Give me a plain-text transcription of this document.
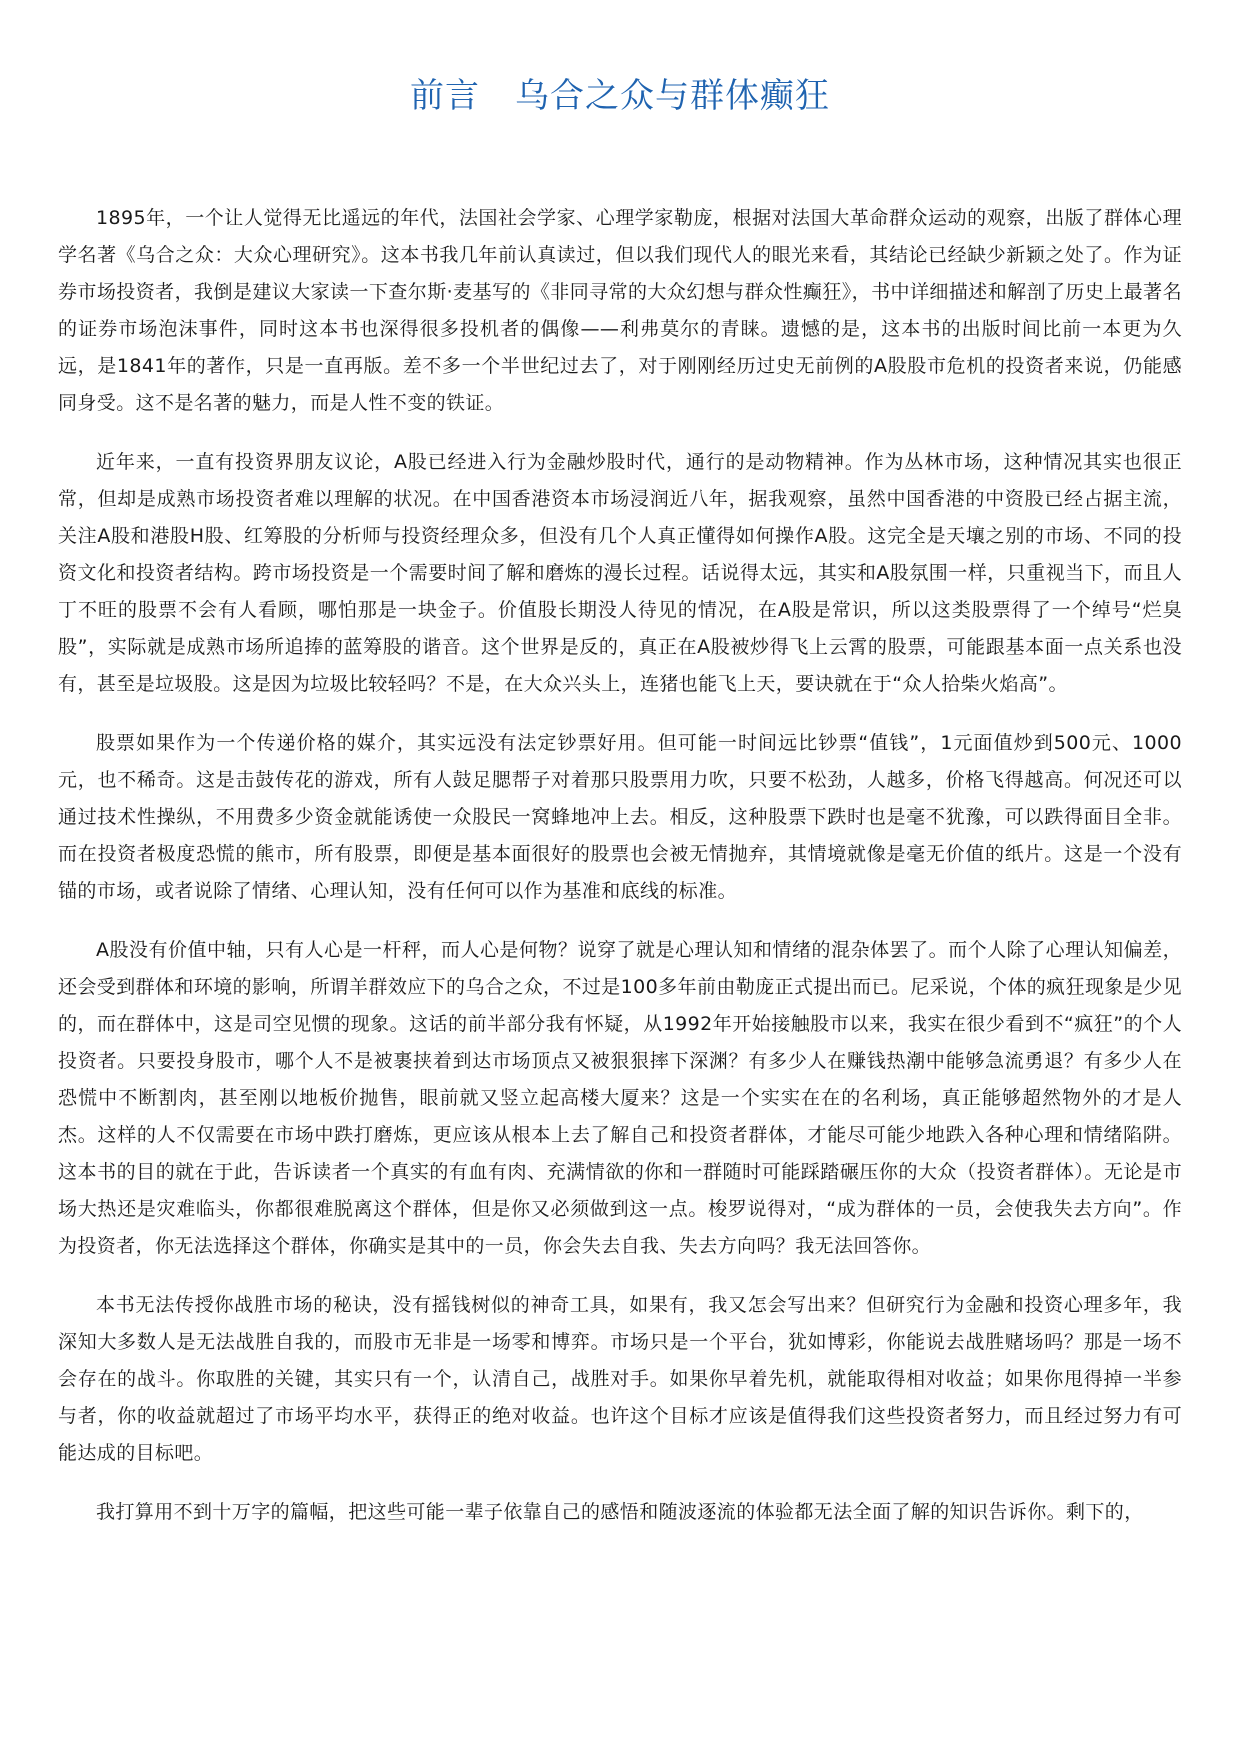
前言　乌合之众与群体癫狂

1895年，一个让人觉得无比遥远的年代，法国社会学家、心理学家勒庞，根据对法国大革命群众运动的观察，出版了群体心理学名著《乌合之众：大众心理研究》。这本书我几年前认真读过，但以我们现代人的眼光来看，其结论已经缺少新颖之处了。作为证券市场投资者，我倒是建议大家读一下查尔斯·麦基写的《非同寻常的大众幻想与群众性癫狂》，书中详细描述和解剖了历史上最著名的证券市场泡沫事件，同时这本书也深得很多投机者的偶像——利弗莫尔的青睐。遗憾的是，这本书的出版时间比前一本更为久远，是1841年的著作，只是一直再版。差不多一个半世纪过去了，对于刚刚经历过史无前例的A股股市危机的投资者来说，仍能感同身受。这不是名著的魅力，而是人性不变的铁证。

近年来，一直有投资界朋友议论，A股已经进入行为金融炒股时代，通行的是动物精神。作为丛林市场，这种情况其实也很正常，但却是成熟市场投资者难以理解的状况。在中国香港资本市场浸润近八年，据我观察，虽然中国香港的中资股已经占据主流，关注A股和港股H股、红筹股的分析师与投资经理众多，但没有几个人真正懂得如何操作A股。这完全是天壤之别的市场、不同的投资文化和投资者结构。跨市场投资是一个需要时间了解和磨炼的漫长过程。话说得太远，其实和A股氛围一样，只重视当下，而且人丁不旺的股票不会有人看顾，哪怕那是一块金子。价值股长期没人待见的情况，在A股是常识，所以这类股票得了一个绰号“烂臭股”，实际就是成熟市场所追捧的蓝筹股的谐音。这个世界是反的，真正在A股被炒得飞上云霄的股票，可能跟基本面一点关系也没有，甚至是垃圾股。这是因为垃圾比较轻吗？不是，在大众兴头上，连猪也能飞上天，要诀就在于“众人拾柴火焰高”。

股票如果作为一个传递价格的媒介，其实远没有法定钞票好用。但可能一时间远比钞票“值钱”，1元面值炒到500元、1000元，也不稀奇。这是击鼓传花的游戏，所有人鼓足腮帮子对着那只股票用力吹，只要不松劲，人越多，价格飞得越高。何况还可以通过技术性操纵，不用费多少资金就能诱使一众股民一窝蜂地冲上去。相反，这种股票下跌时也是毫不犹豫，可以跌得面目全非。而在投资者极度恐慌的熊市，所有股票，即便是基本面很好的股票也会被无情抛弃，其情境就像是毫无价值的纸片。这是一个没有锚的市场，或者说除了情绪、心理认知，没有任何可以作为基准和底线的标准。

A股没有价值中轴，只有人心是一杆秤，而人心是何物？说穿了就是心理认知和情绪的混杂体罢了。而个人除了心理认知偏差，还会受到群体和环境的影响，所谓羊群效应下的乌合之众，不过是100多年前由勒庞正式提出而已。尼采说，个体的疯狂现象是少见的，而在群体中，这是司空见惯的现象。这话的前半部分我有怀疑，从1992年开始接触股市以来，我实在很少看到不“疯狂”的个人投资者。只要投身股市，哪个人不是被裹挟着到达市场顶点又被狠狠摔下深渊？有多少人在赚钱热潮中能够急流勇退？有多少人在恐慌中不断割肉，甚至刚以地板价抛售，眼前就又竖立起高楼大厦来？这是一个实实在在的名利场，真正能够超然物外的才是人杰。这样的人不仅需要在市场中跌打磨炼，更应该从根本上去了解自己和投资者群体，才能尽可能少地跌入各种心理和情绪陷阱。这本书的目的就在于此，告诉读者一个真实的有血有肉、充满情欲的你和一群随时可能踩踏碾压你的大众（投资者群体）。无论是市场大热还是灾难临头，你都很难脱离这个群体，但是你又必须做到这一点。梭罗说得对，“成为群体的一员，会使我失去方向”。作为投资者，你无法选择这个群体，你确实是其中的一员，你会失去自我、失去方向吗？我无法回答你。

本书无法传授你战胜市场的秘诀，没有摇钱树似的神奇工具，如果有，我又怎会写出来？但研究行为金融和投资心理多年，我深知大多数人是无法战胜自我的，而股市无非是一场零和博弈。市场只是一个平台，犹如博彩，你能说去战胜赌场吗？那是一场不会存在的战斗。你取胜的关键，其实只有一个，认清自己，战胜对手。如果你早着先机，就能取得相对收益；如果你甩得掉一半参与者，你的收益就超过了市场平均水平，获得正的绝对收益。也许这个目标才应该是值得我们这些投资者努力，而且经过努力有可能达成的目标吧。

我打算用不到十万字的篇幅，把这些可能一辈子依靠自己的感悟和随波逐流的体验都无法全面了解的知识告诉你。剩下的，
